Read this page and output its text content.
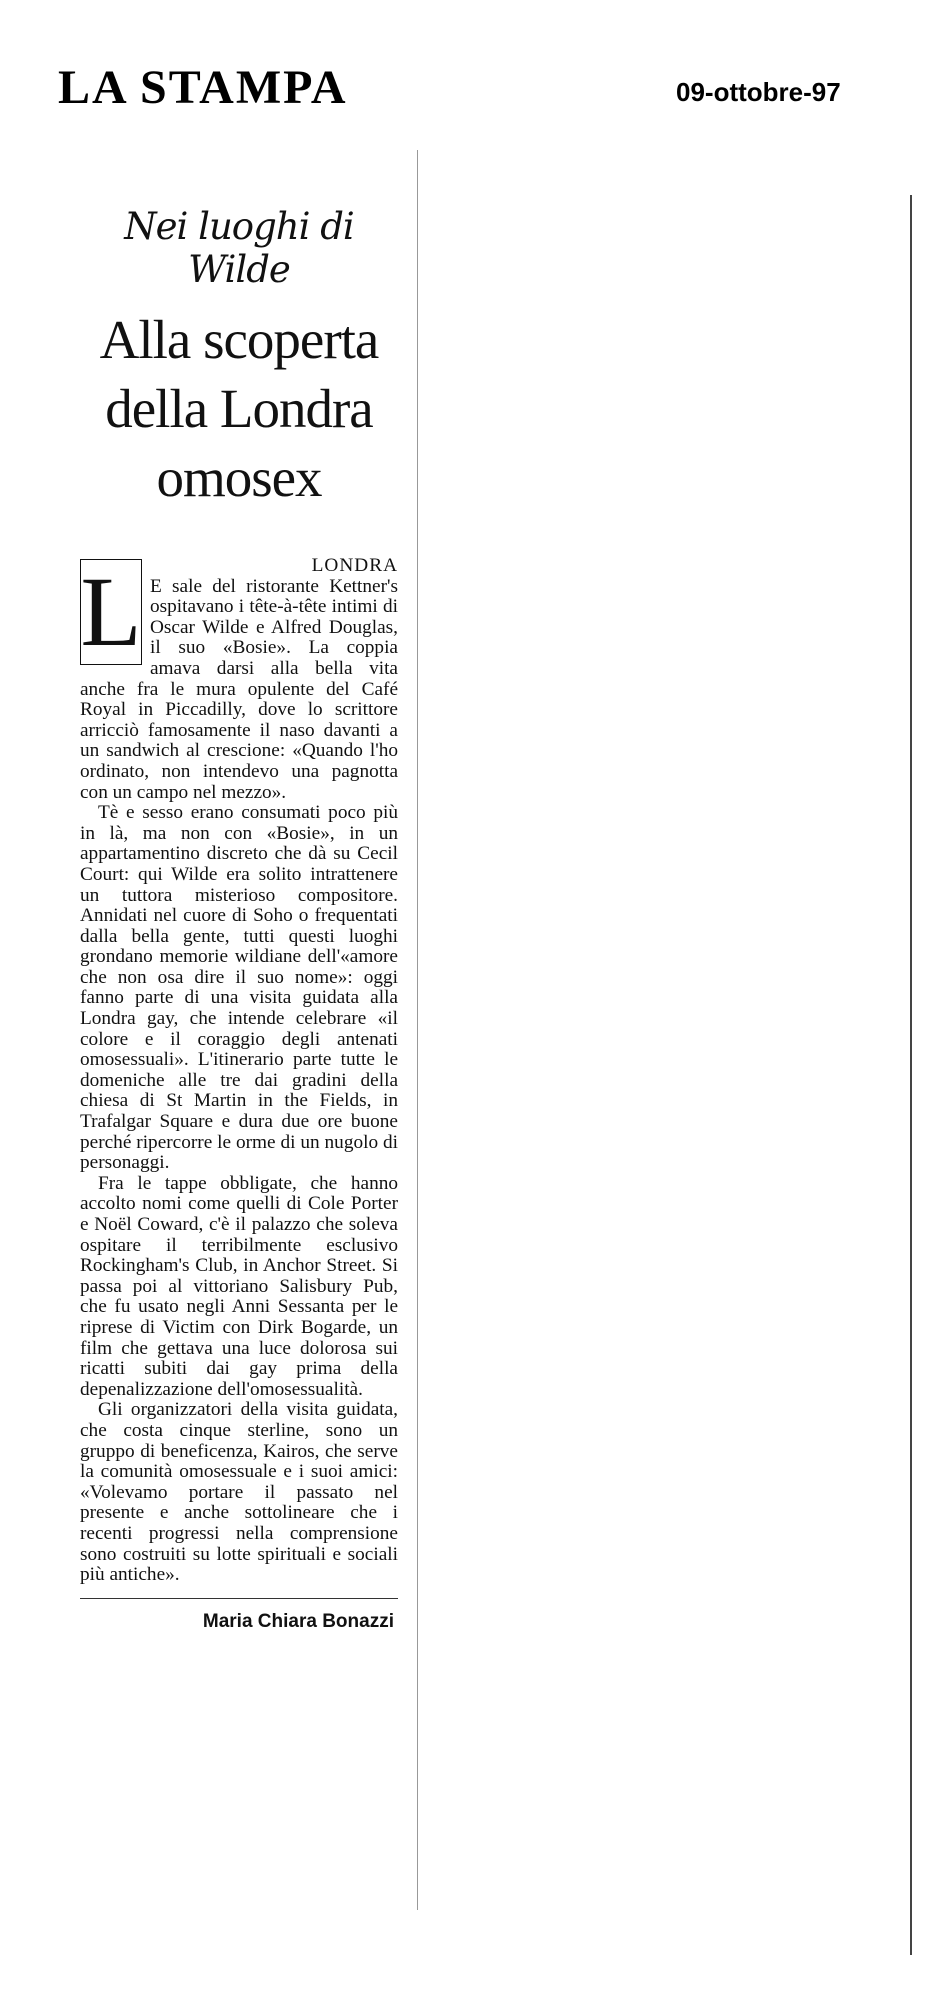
LA STAMPA	09-ottobre-97
Nei luoghi di Wilde
Alla scoperta
della Londra
omosex
L	LONDRA

E sale del ristorante Kettner's ospitavano i tête-à-tête intimi di Oscar Wilde e Alfred Douglas, il suo «Bosie». La coppia amava darsi alla bella vita anche fra le mura opulente del Café Royal in Piccadilly, dove lo scrittore arricciò famosamente il naso davanti a un sandwich al crescione: «Quando l'ho ordinato, non intendevo una pagnotta con un campo nel mezzo».

Tè e sesso erano consumati poco più in là, ma non con «Bosie», in un appartamentino discreto che dà su Cecil Court: qui Wilde era solito intrattenere un tuttora misterioso compositore. Annidati nel cuore di Soho o frequentati dalla bella gente, tutti questi luoghi grondano memorie wildiane dell'«amore che non osa dire il suo nome»: oggi fanno parte di una visita guidata alla Londra gay, che intende celebrare «il colore e il coraggio degli antenati omosessuali». L'itinerario parte tutte le domeniche alle tre dai gradini della chiesa di St Martin in the Fields, in Trafalgar Square e dura due ore buone perché ripercorre le orme di un nugolo di personaggi.

Fra le tappe obbligate, che hanno accolto nomi come quelli di Cole Porter e Noël Coward, c'è il palazzo che soleva ospitare il terribilmente esclusivo Rockingham's Club, in Anchor Street. Si passa poi al vittoriano Salisbury Pub, che fu usato negli Anni Sessanta per le riprese di Victim con Dirk Bogarde, un film che gettava una luce dolorosa sui ricatti subiti dai gay prima della depenalizzazione dell'omosessualità.

Gli organizzatori della visita guidata, che costa cinque sterline, sono un gruppo di beneficenza, Kairos, che serve la comunità omosessuale e i suoi amici: «Volevamo portare il passato nel presente e anche sottolineare che i recenti progressi nella comprensione sono costruiti su lotte spirituali e sociali più antiche».

Maria Chiara Bonazzi
